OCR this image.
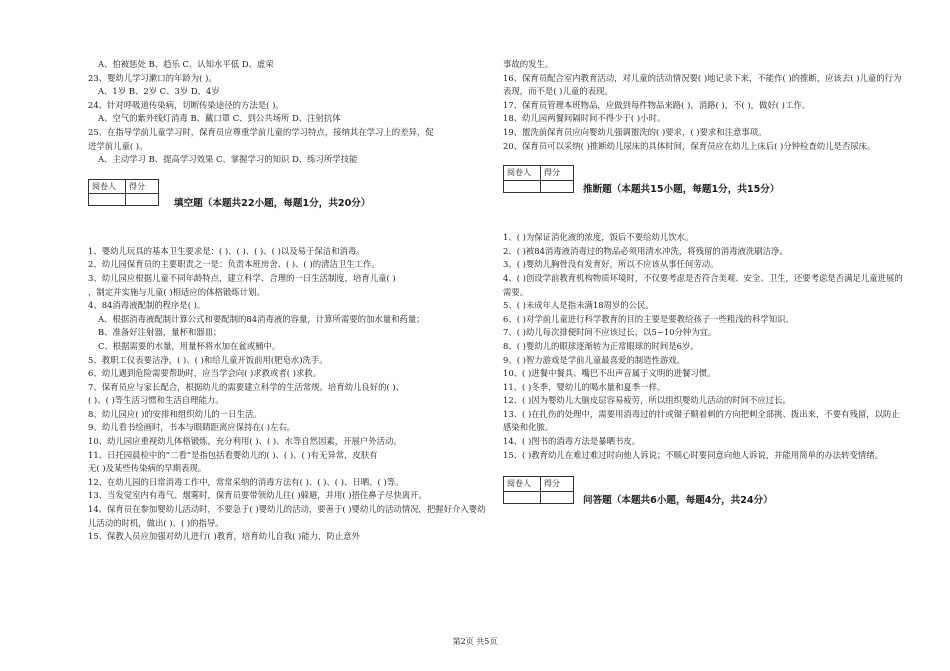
A、怕被惩处 B、趋乐 C、认知水平低 D、虚荣
23、婴幼儿学习漱口的年龄为( )。
A、1岁 B、2岁 C、3岁 D、4岁
24、针对呼吸道传染病，切断传染途径的方法是( )。
A、空气的紫外线灯消毒 B、戴口罩 C、到公共场所 D、注射抗体
25、在指导学前儿童学习时，保育员应尊重学前儿童的学习特点，接纳其在学习上的差异，促
进学前儿童( )。
A、主动学习 B、提高学习效果 C、掌握学习的知识 D、练习所学技能
阅卷人	得分

填空题（本题共22小题，每题1分，共20分）
1、婴幼儿玩具的基本卫生要求是：( )、( )、( )、( )以及易于保洁和消毒。
2、幼儿园保育员的主要职责之一是：负责本班房舍、( )、( )的清洁卫生工作。
3、幼儿园应根据儿童不同年龄特点，建立科学、合理的一日生活制度，培育儿童( )
，制定并实施与儿童( )相适应的体格锻炼计划。
4、84消毒液配制的程序是( )。
A、根据消毒液配制计算公式和要配制的84消毒液的容量，计算所需要的加水量和药量；
B、准备好注射器，量杯和器皿；
C、根据需要的水量，用量杯将水加在盆或桶中。
5、教职工仪表要洁净，( )、( )和给儿童开饭前用(肥皂水)洗手。
6、幼儿遇到危险需要帮助时，应当学会向( )求救或者( )求救。
7、保育员应与家长配合，根据幼儿的需要建立科学的生活常规。培育幼儿良好的( )、
( )、( )等生活习惯和生活自理能力。
8、幼儿园应( )的安排和组织幼儿的一日生活。
9、幼儿看书绘画时，书本与眼睛距离应保持在( )左右。
10、幼儿园应重视幼儿体格锻炼，充分利用( )、( )、水等自然因素，开展户外活动。
11、日托园晨检中的“二看”是指包括看婴幼儿的( )、( )、( )有无异常，皮肤有
无( )及某些传染病的早期表现。
12、在幼儿园的日常消毒工作中，常常采纳的消毒方法有( )、( )、( )、日晒、( )等。
13、当发觉室内有毒气、烟雾时，保育员要带领幼儿往( )躲避，并用( )捂住鼻子尽快离开。
14、保育员在参加婴幼儿活动时，不要急于( )婴幼儿的活动，要善于( )婴幼儿的活动情况，把握好介入婴幼儿活动的时机，做出( )、( )的指导。
15、保教人员应加强对幼儿进行( )教育，培育幼儿自我( )能力，防止意外
事故的发生。
16、保育员配合室内教育活动，对儿童的活动情况要( )地记录下来，不能作( )的推断，应该去( )儿童的行为表现，而不是( )儿童的表现。
17、保育员管理本班物品，应做到每件物品来路( )，消路( )，不( )，做好( )工作。
18、幼儿园两餐间隔时间不得少于( )小时。
19、盥洗前保育员应向婴幼儿强调盥洗的( )要求，( )要求和注意事项。
20、保育员可以采纳( )推断幼儿尿床的具体时间，保育员应在幼儿上床后( )分钟检查幼儿是否尿床。
阅卷人	得分

推断题（本题共15小题，每题1分，共15分）
1、( )为保证消化液的浓度，饭后不要给幼儿饮水。
2、( )被84消毒液消毒过的物品必须用清水冲洗，将残留的消毒液洗刷洁净。
3、( )婴幼儿胸骨没有发育好，所以不应该从事任何劳动。
4、( )创设学前教育机构物质环境时，不仅要考虑是否符合美观、安全、卫生，还要考虑是否满足儿童进展的需要。
5、( )未成年人是指未满18周岁的公民。
6、( )对学前儿童进行科学教育的目的主要是要教给孩子一些粗浅的科学知识。
7、( )幼儿每次排便时间不应该过长，以5~10分钟为宜。
8、( )婴幼儿的眼球逐渐转为正常眼球的时间是6岁。
9、( )智力游戏是学前儿童最喜爱的制造性游戏。
10、( )进餐中餐具、嘴巴不出声音属于文明的进餐习惯。
11、( )冬季，婴幼儿的喝水量和夏季一样。
12、( )因为婴幼儿大脑皮层容易疲劳，所以组织婴幼儿活动的时间不应过长。
13、( )在扎伤的处理中，需要用消毒过的针或镊子顺着刺的方向把刺全部挑、拨出来，不要有残留，以防止感染和化脓。
14、( )图书的消毒方法是暴晒书皮。
15、( )教育幼儿在难过难过时向他人诉说；不顺心时要同意向他人诉说，并能用简单的办法转变情绪。
阅卷人	得分

问答题（本题共6小题，每题4分，共24分）
第2页 共5页
